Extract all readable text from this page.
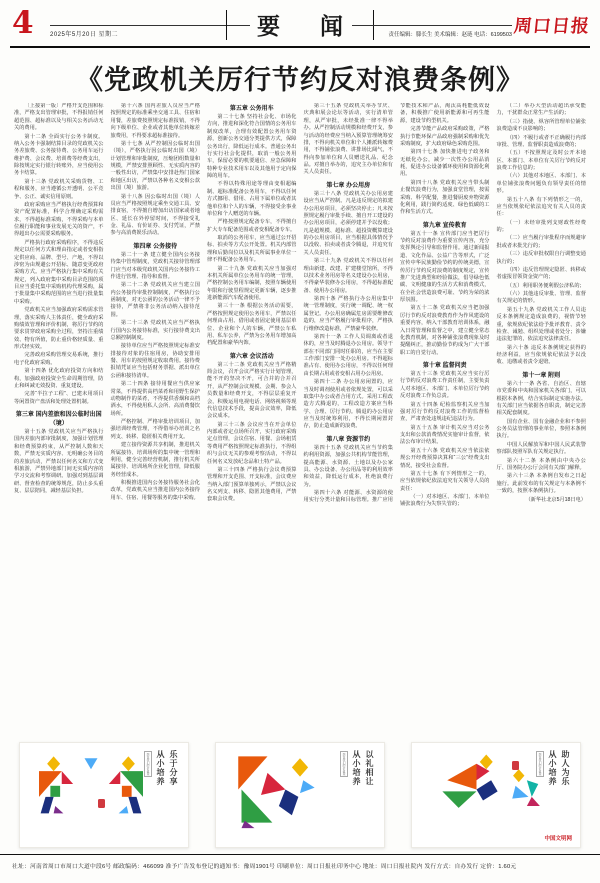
4	2025年5月20日 星期二	要 闻	责任编辑：滕长生 美术编辑：赵琏 电话：6199503 周口日报
《党政机关厉行节约反对浪费条例》
〔上接第一版〕严格开支范围和标准，严格支出管理审批，不得报销任何超范围、超标准以及与相关公务活动无关的费用。
第十二条 全面实行公务卡制度。纳入公务卡强制结算目录的党政机关公务差旅费、公务接待费、公务用车运行维护费、会议费、培训费等经费支出，除按规定实行银行转账外，应当使用公务卡结算。
第十三条 党政机关采购货物、工程和服务，应当遵循公开透明、公平竞争、公正、诚实信用原则。
政府采购应当严格执行经费预算和资产配置标准，科学合理确定采购需求，不得超标准采购，不得采购与本单位履行职能和事业发展无关的资产，不得超出办公需要采购服务。
严格执行政府采购程序，不得违反规定以任何方式和理由指定或者变相指定供应商、品牌、型号、产地，不得以涉密为由规避公开招标、随意变更政府采购方式。应当严格执行集中采购有关规定，列入政府集中采购目录范围的项目应当委托集中采购机构代理采购，属于批量集中采购范围的应当进行批量集中采购。
党政机关应当加强政府采购需求管理，落实采购人主体责任，健全政府采购绩效管理和评价机制，将厉行节约的要求贯穿政府采购全过程，坚持注重绩效、物有所值，防止重价格轻质量、重形式轻实效。
完善政府采购管理交易系统，推行电子化政府采购。
第十四条 优化政府投资方向和结构，加强政府投资全生命周期管理，防止和纠减无效投资、重复建设。
完善“半拉子工程”、已建未用项目等闲置资产盘活和处理处置机制。
第三章 国内差旅和因公临时出国（境）
第十五条 党政机关应当严格执行国内差旅内部审批制度，加强计划管理和经费预算约束，从严控制人数和天数，严禁无实质内容、无明确公务目的的差旅活动，严禁以任何名义和方式变相旅游，严禁异地部门间无实质内容的学习交流和考察调研。加强对到基层调研、督查检查的统筹规范，防止多头重复、层层陪同，减轻基层负担。
第十六条 国内差旅人员应当严格按照规定的标准乘坐交通工具、住宿和用餐，差旅费按照规定标准报销，不得向下级单位、企业或者其他单位转嫁差旅费用，不得要求超标准接待。
第十七条 从严控制因公临时出国（境），严格执行因公临时出国（境）计划管理和审批制度，压缩团组数量和规模，严禁安排照顾性、无实质内容的一般性出访，严禁集中安排赴热门国家和地区出访，严禁以各种名义变相公款出国（境）旅游。
第十八条 因公临时出国（境）人员应当严格按照规定乘坐交通工具、安排食宿，不得擅自增加出访国家或者地区、延长在外停留时间，不得接受礼金、礼品、有价证券、支付凭证，严禁参与高消费娱乐活动。
第四章 公务接待
第二十一条 建立健全国内公务接待集中管理制度，党政机关接待管理部门应当对本级党政机关国内公务接待工作进行管理、指导和监督。
第二十二条 党政机关应当建立国内公务接待审批控制制度，严格执行公函制度，对无公函的公务活动一律不予接待，严禁将非公务活动纳入接待范围。
第二十三条 党政机关应当严格执行国内公务接待标准，实行接待费支出总额控制制度。
接待单位应当严格按照规定标准安排接待对象的住宿用房，协助安排用餐、用车的按照规定收取费用。接待费报销凭证应当包括财务票据、派出单位公函和接待清单。
第二十四条 接待用餐应当供应家常菜，不得提供高档菜肴和用野生保护动物制作的菜肴，不得提供香烟和高档酒水，不得使用私人会所、高消费餐饮场所。
严格控制、严格审批培训项目，加强培训经费管理，不得借举办培训之名列支、转移、隐匿相关费用开支。
建立接待资源共享机制，推进机关所属接待、培训场所的集中统一管理和利用，健全完善经营机制，推行机关所属接待、培训场所企业化管理，降低服务经营成本。
积极推进国内公务接待服务社会化改革，党政机关应当推进国内公务接待用车、住宿、用餐等服务的集中采购。
第五章 公务用车
第二十七条 坚持社会化、市场化方向，推进和深化符合国情的公务用车制度改革，合理有效配置公务用车资源，创新公务交通分类提供方式，保障公务出行，降低运行成本。普通公务出行实行社会化提供，取消一般公务用车，保留必要的机要通信、应急保障和特种专业技术用车以及其他用于定向保障的用车。
不得以特殊用途等理由变相超编制、超标准配备公务用车，不得以任何方式挪用、借用、占用下属单位或者其他单位和个人的车辆，不得接受企事业单位和个人赠送的车辆。
严格按照规定配备专车，不得擅自扩大专车配备范围或者变相配备专车。
取消的公务用车，应当通过公开招标、拍卖等方式公开处置。机关内部管理和后勤岗位以及机关所属事业单位一律不得配备公务用车。
第二十九条 党政机关应当加强对本机关所属单位公务用车的统一管理，严格控制公务用车编制，按照车辆使用年限和行驶里程规定更新车辆，逐步推进新能源汽车配备使用。
第三十一条 根据公务活动需要，严格按照规定使用公务用车，严禁以任何理由占用、借用或者固定使用基层单位、企业和个人的车辆，严禁公车私用、私车公养，严禁为公务用车增加高档配置和豪华内饰。
第六章 会议活动
第三十二条 党政机关应当严格精简会议，召开会议严格实行计划管理，能不开的坚决不开，可合并的合并召开，从严控制会议规模、会期、参会人员数量和经费开支，不得层层重复开会，积极运用电视电话、网络视频等现代信息技术手段，提高会议效率，降低会议成本。
第三十三条 会议应当在开会单位内部或者定点场所召开，实行政府采购定点管理，会议住宿、用餐、会场租赁等费用严格按照规定标准执行，不得组织与会议无关的参观考察活动，不得以任何名义发放纪念品和土特产品。
第三十四条 严格执行会议费预算管理和开支范围、开支标准，会议费应当纳入部门预算单独列示，严禁以会议名义列支、转移、隐匿其他费用，严禁套取会议费。
第三十五条 党政机关举办节庆、庆典和展会论坛等活动，实行清单管理，从严审批，未经批准一律不得举办。从严控制活动规模和经费开支，参与活动的经费应当纳入预算管理统筹安排，不得向机关单位和个人摊派转嫁费用，不得铺张浪费、讲排场比阔气，不得向参加单位和人员赠送礼品、纪念品。对擅自举办的，追究主办单位和有关人员责任。
第七章 办公用房
第三十八条 党政机关办公用房建设应当从严控制。凡是违反规定的拟建办公用房项目，必须坚决停止；凡未按照规定履行审批手续、擅自开工建设的办公用房项目，必须停建并予以没收；凡是超规模、超标准、超投资概算建设的办公用房项目，应当根据具体情况予以没收、拍卖或者责令腾退，并追究有关人员责任。
第三十九条 党政机关不得以任何理由新建、改建、扩建楼堂馆所，不得以技术业务用房等名义建设办公用房，不得豪华装修办公用房，不得超标准配备、使用办公用房。
第四十条 严格执行办公用房集中统一管理制度，实行统一调配、统一权属登记。办公用房确属危房需要维修改造的，应当严格履行审批程序，严格执行维修改造标准，严禁豪华装修。
第四十一条 工作人员调离或者退休的，应当及时腾退办公用房。领导干部在不同部门同时任职的，应当在主要工作部门安排一处办公用房。不得超标准占有、使用办公用房，不得以任何理由长期占用或者变相占用办公用房。
第四十二条 办公用房闲置的，应当及时调剂使用或者依规处置，可以采取集中办公或者合用方式。采用工程改造方式腾退的，工程改造方案应当科学、合理、厉行节约。腾退的办公用房应当及时统筹利用，不得长期闲置封存，防止造成新的浪费。
第八章 资源节约
第四十五条 党政机关应当节约集约利用资源，加强公共机构节能管理，提高能源、水资源、土地以及办公家具、办公设备、办公用品等的利用效率和效益，降低运行成本，杜绝浪费行为。
第四十六条 对能源、水资源的使用实行分类计量和目标管理。推广应用节能技术和产品，淘汰高耗能低效设备，积极推广使用新能源和可再生能源，建设节约型机关。
完善节能产品政府采购政策，严格执行节能环保产品政府强制采购和优先采购制度，扩大政府绿色采购范围。
第四十七条 加快推进电子政务和无纸化办公，减少一次性办公用品消耗，促进办公设备循环使用和资源化利用。
第四十八条 党政机关应当带头制止餐饮浪费行为，加强食堂管理，按需采购、科学配餐，推进餐厨废弃物资源化利用，践行简约适度、绿色低碳的工作和生活方式。
第九章 宣传教育
第五十一条 宣传部门应当把厉行节约反对浪费作为重要宣传内容，充分发挥舆论引导和监督作用。通过新闻报道、文化作品、公益广告等形式，广泛宣传中华民族勤俭节约的传统美德，宣传厉行节约反对浪费的制度规定，宣传推广先进典型和经验做法，倡导绿色低碳、文明健康的生活方式和消费模式，在全社会营造浪费可耻、节约为荣的浓厚氛围。
第五十二条 党政机关应当把加强厉行节约反对浪费教育作为作风建设的重要内容，纳入干部教育培训体系，融入日常管理和监督之中，建立健全常态化教育机制，对各种铺张浪费现象及时提醒纠正，推动勤俭节约成为广大干部职工的自觉行动。
第十章 监督问责
第五十三条 党政机关应当实行厉行节约反对浪费工作责任制，主要负责人对本地区、本部门、本单位厉行节约反对浪费工作负总责。
第五十四条 纪检监察机关应当加强对厉行节约反对浪费工作的监督检查，严肃查处违规违纪违法行为。
第五十五条 审计机关应当对公务支出和公款消费情况实施审计监督，依法公布审计结果。
第五十六条 党政机关应当依法依规公开经费预算决算和“三公”经费支出情况，接受社会监督。
第五十七条 有下列情形之一的，应当依规依纪依法追究有关领导人员的责任：
（一）对本地区、本部门、本单位铺张浪费行为失察失管的；
（二）举办大型活动超出承受能力，干扰群众正常生产生活的；
（三）指使、纵容所管理单位铺张浪费造成不良影响的；
（四）不履行或者不正确履行内部审批、管理、监督职责造成浪费的；
（五）不按照规定及时公开本地区、本部门、本单位有关厉行节约反对浪费工作信息的；
（六）其他对本地区、本部门、本单位铺张浪费问题负有领导责任的情形。
第五十八条 有下列情形之一的，应当依规依纪依法追究有关人员的责任：
（一）未经审批列支财政性经费的；
（二）应当履行审批程序而规避审批或者未批先行的；
（三）违反审批权限自行调整变通执行的；
（四）违反管理规定隐匿、转移或者虚报冒领资金资产的；
（五）利用职务便利假公济私的；
（六）其他违反审批、管理、监督有关规定的情形。
第五十九条 党政机关工作人员违反本条例规定造成浪费的，视情节轻重，依规依纪依法给予批评教育、责令检查、诫勉、组织处理或者处分；涉嫌违法犯罪的，依法追究法律责任。
第六十条 违反本条例规定获得的经济利益，应当依规依纪依法予以没收、追缴或者责令退赔。
第十一章 附则
第六十一条 各省、自治区、直辖市党委和中央和国家机关各部门，可以根据本条例，结合实际制定实施办法。有关部门应当依据各自职责，制定完善相关配套制度。
国有企业、国有金融企业和不参照公务员法管理的事业单位，参照本条例执行。
中国人民解放军和中国人民武装警察部队按照军队有关规定执行。
第六十二条 本条例由中央办公厅、国务院办公厅会同有关部门解释。
第六十三条 本条例自发布之日起施行。此前发布的有关规定与本条例不一致的，按照本条例执行。
（新华社北京5月18日电）
乐于分享
从小培养
图说我们的价值观	以礼相让
从小培养
图说我们的价值观	助人为乐
从小培养
图说我们的价值观
中国文明网
社址：河南省周口市周口大道中段6号 邮政编码：466099 准予广告发布登记的通知书：豫周1901号 印刷单位：周口日报社印务中心 地址：周口日报社院内 发行方式：自办发行 定价：1.60元
